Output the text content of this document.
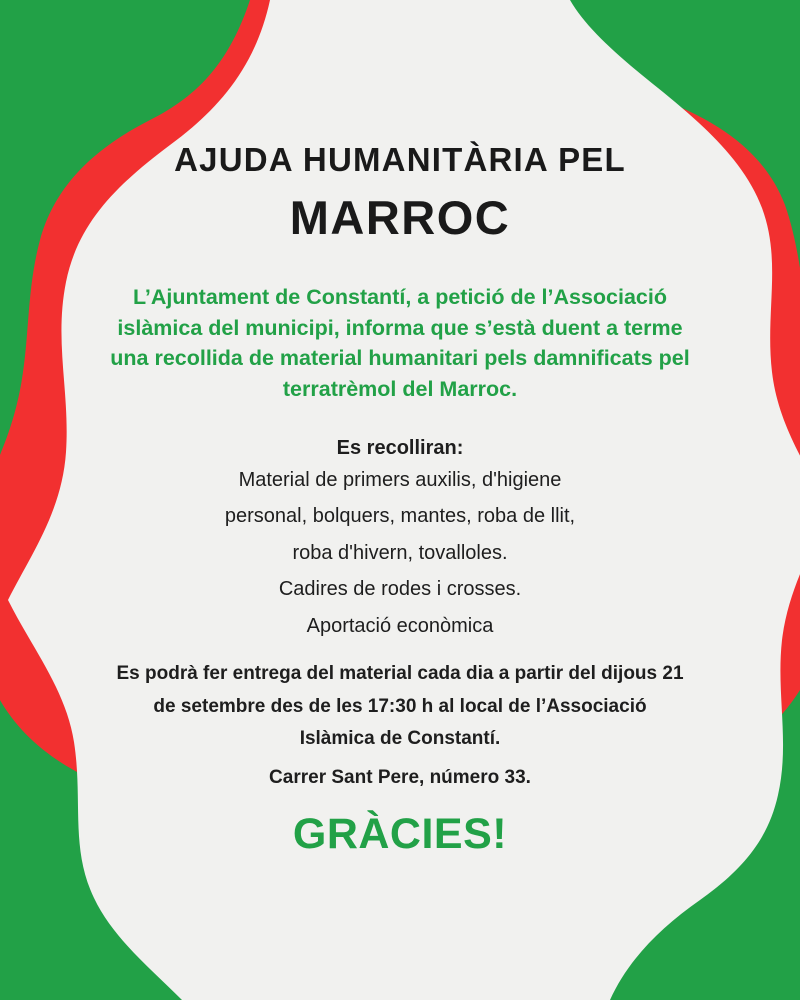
AJUDA HUMANITÀRIA PEL
MARROC

L’Ajuntament de Constantí, a petició de l’Associació islàmica del municipi, informa que s’està duent a terme una recollida de material humanitari pels damnificats pel terratrèmol del Marroc.

Es recolliran:

Material de primers auxilis, d'higiene
personal, bolquers, mantes, roba de llit,
roba d'hivern, tovalloles.
Cadires de rodes i crosses.
Aportació econòmica

Es podrà fer entrega del material cada dia a partir del dijous 21 de setembre des de les 17:30 h al local de l’Associació Islàmica de Constantí.

Carrer Sant Pere, número 33.

GRÀCIES!
